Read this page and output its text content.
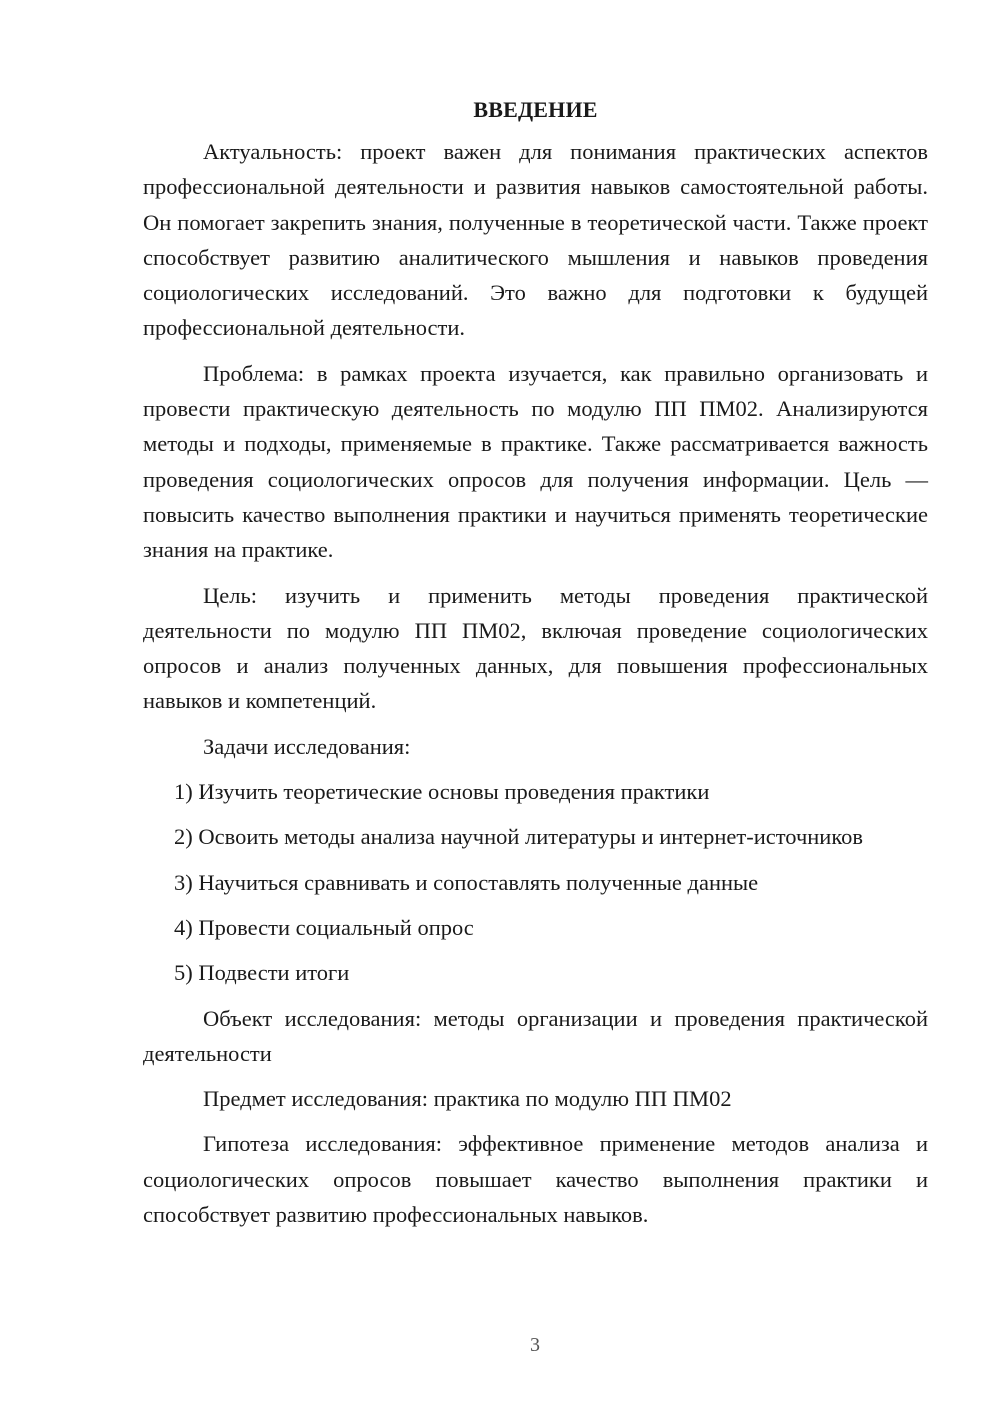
ВВЕДЕНИЕ

Актуальность: проект важен для понимания практических аспектов профессиональной деятельности и развития навыков самостоятельной работы. Он помогает закрепить знания, полученные в теоретической части. Также проект способствует развитию аналитического мышления и навыков проведения социологических исследований. Это важно для подготовки к будущей профессиональной деятельности.

Проблема: в рамках проекта изучается, как правильно организовать и провести практическую деятельность по модулю ПП ПМ02. Анализируются методы и подходы, применяемые в практике. Также рассматривается важность проведения социологических опросов для получения информации. Цель — повысить качество выполнения практики и научиться применять теоретические знания на практике.

Цель: изучить и применить методы проведения практической деятельности по модулю ПП ПМ02, включая проведение социологических опросов и анализ полученных данных, для повышения профессиональных навыков и компетенций.

Задачи исследования:

1) Изучить теоретические основы проведения практики

2) Освоить методы анализа научной литературы и интернет-источников

3) Научиться сравнивать и сопоставлять полученные данные

4) Провести социальный опрос

5) Подвести итоги

Объект исследования: методы организации и проведения практической деятельности

Предмет исследования: практика по модулю ПП ПМ02

Гипотеза исследования: эффективное применение методов анализа и социологических опросов повышает качество выполнения практики и способствует развитию профессиональных навыков.

3
